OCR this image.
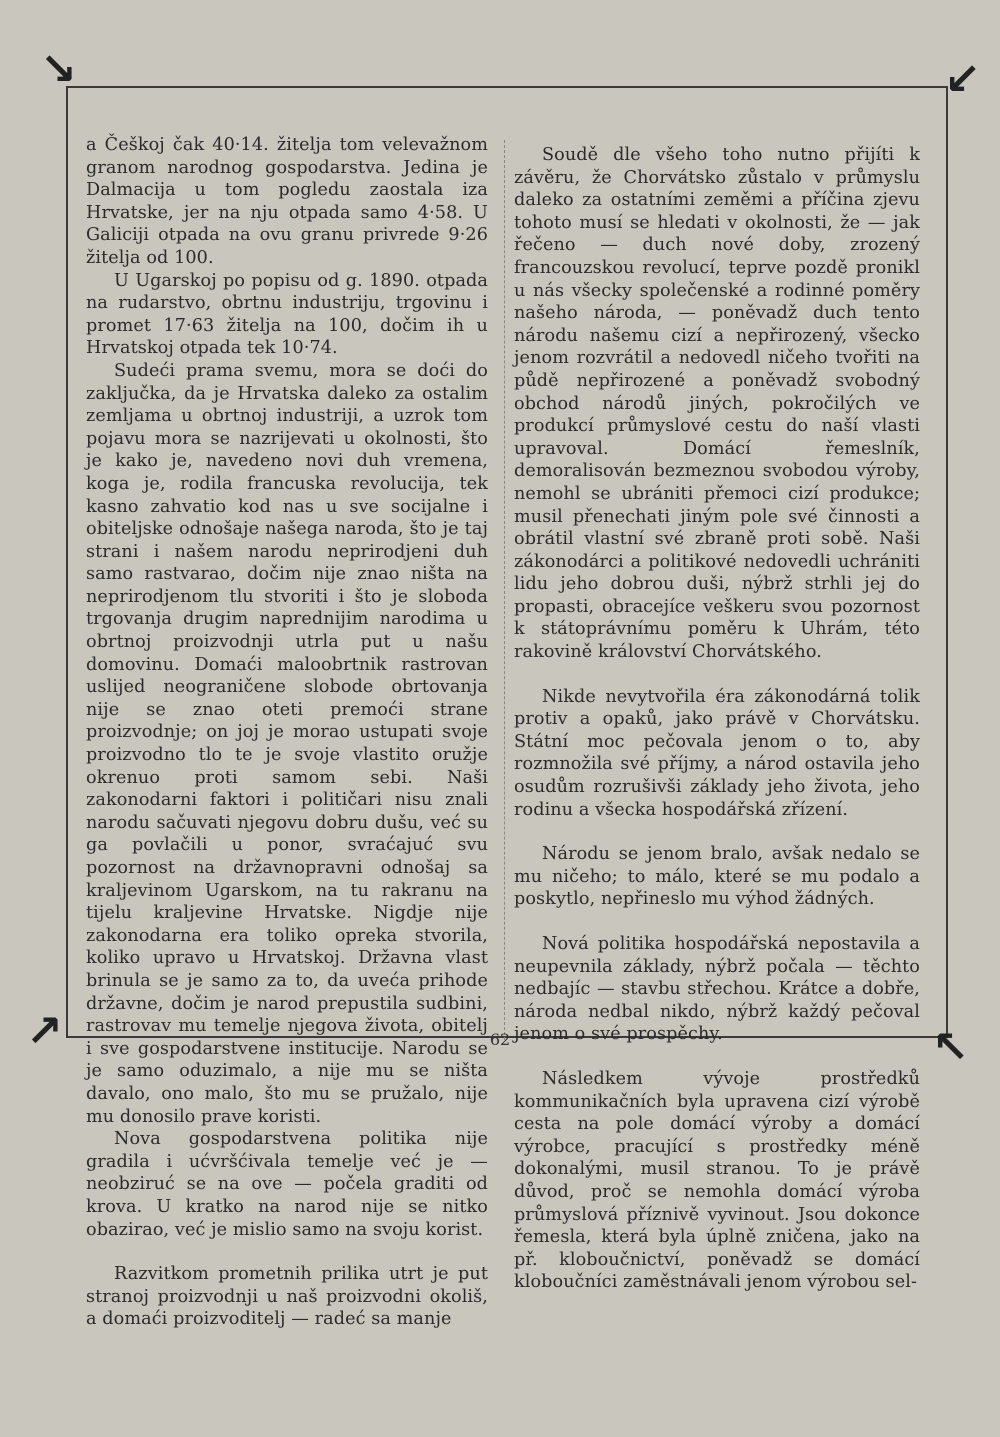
↘	↙
↗	↖

a Češkoj čak 40·14. žitelja tom velevažnom granom narodnog gospodarstva. Jedina je Dalmacija u tom pogledu zaostala iza Hrvatske, jer na nju otpada samo 4·58. U Galiciji otpada na ovu granu privrede 9·26 žitelja od 100.

U Ugarskoj po popisu od g. 1890. otpada na rudarstvo, obrtnu industriju, trgovinu i promet 17·63 žitelja na 100, dočim ih u Hrvatskoj otpada tek 10·74.

Sudeći prama svemu, mora se doći do zaključka, da je Hrvatska daleko za ostalim zemljama u obrtnoj industriji, a uzrok tom pojavu mora se nazrijevati u okolnosti, što je kako je, navedeno novi duh vremena, koga je, rodila francuska revolucija, tek kasno zahvatio kod nas u sve socijalne i obiteljske odnošaje našega naroda, što je taj strani i našem narodu neprirodjeni duh samo rastvarao, dočim nije znao ništa na neprirodjenom tlu stvoriti i što je sloboda trgovanja drugim naprednijim narodima u obrtnoj proizvodnji utrla put u našu domovinu. Domaći maloobrtnik rastrovan uslijed neograničene slobode obrtovanja nije se znao oteti premoći strane proizvodnje; on joj je morao ustupati svoje proizvodno tlo te je svoje vlastito oružje okrenuo proti samom sebi. Naši zakonodarni faktori i političari nisu znali narodu sačuvati njegovu dobru dušu, već su ga povlačili u ponor, svraćajuć svu pozornost na državnopravni odnošaj sa kraljevinom Ugarskom, na tu rakranu na tijelu kraljevine Hrvatske. Nigdje nije zakonodarna era toliko opreka stvorila, koliko upravo u Hrvatskoj. Državna vlast brinula se je samo za to, da uveća prihode državne, dočim je narod prepustila sudbini, rastrovav mu temelje njegova života, obitelj i sve gospodarstvene institucije. Narodu se je samo oduzimalo, a nije mu se ništa davalo, ono malo, što mu se pružalo, nije mu donosilo prave koristi.

Nova gospodarstvena politika nije gradila i ućvršćivala temelje već je — neobziruć se na ove — počela graditi od krova. U kratko na narod nije se nitko obazirao, već je mislio samo na svoju korist.

Razvitkom prometnih prilika utrt je put stranoj proizvodnji u naš proizvodni okoliš, a domaći proizvoditelj — radeć sa manje

Soudě dle všeho toho nutno přijíti k závěru, že Chorvátsko zůstalo v průmyslu daleko za ostatními zeměmi a příčina zjevu tohoto musí se hledati v okolnosti, že — jak řečeno — duch nové doby, zrozený francouzskou revolucí, teprve pozdě pronikl u nás všecky společenské a rodinné poměry našeho národa, — poněvadž duch tento národu našemu cizí a nepřirozený, všecko jenom rozvrátil a nedovedl ničeho tvořiti na půdě nepřirozené a poněvadž svobodný obchod národů jiných, pokročilých ve produkcí průmyslové cestu do naší vlasti upravoval. Domácí řemeslník, demoralisován bezmeznou svobodou výroby, nemohl se ubrániti přemoci cizí produkce; musil přenechati jiným pole své činnosti a obrátil vlastní své zbraně proti sobě. Naši zákonodárci a politikové nedovedli uchrániti lidu jeho dobrou duši, nýbrž strhli jej do propasti, obracejíce veškeru svou pozornost k státoprávnímu poměru k Uhrám, této rakovině království Chorvátského.

Nikde nevytvořila éra zákonodárná tolik protiv a opaků, jako právě v Chorvátsku. Státní moc pečovala jenom o to, aby rozmnožila své příjmy, a národ ostavila jeho osudům rozrušivši základy jeho života, jeho rodinu a všecka hospodářská zřízení.

Národu se jenom bralo, avšak nedalo se mu ničeho; to málo, které se mu podalo a poskytlo, nepřineslo mu výhod žádných.

Nová politika hospodářská nepostavila a neupevnila základy, nýbrž počala — těchto nedbajíc — stavbu střechou. Krátce a dobře, národa nedbal nikdo, nýbrž každý pečoval jenom o své prospěchy.

Následkem vývoje prostředků kommunikačních byla upravena cizí výrobě cesta na pole domácí výroby a domácí výrobce, pracující s prostředky méně dokonalými, musil stranou. To je právě důvod, proč se nemohla domácí výroba průmyslová příznivě vyvinout. Jsou dokonce řemesla, která byla úplně zničena, jako na př. kloboučnictví, poněvadž se domácí kloboučníci zaměstnávali jenom výrobou sel-

62
